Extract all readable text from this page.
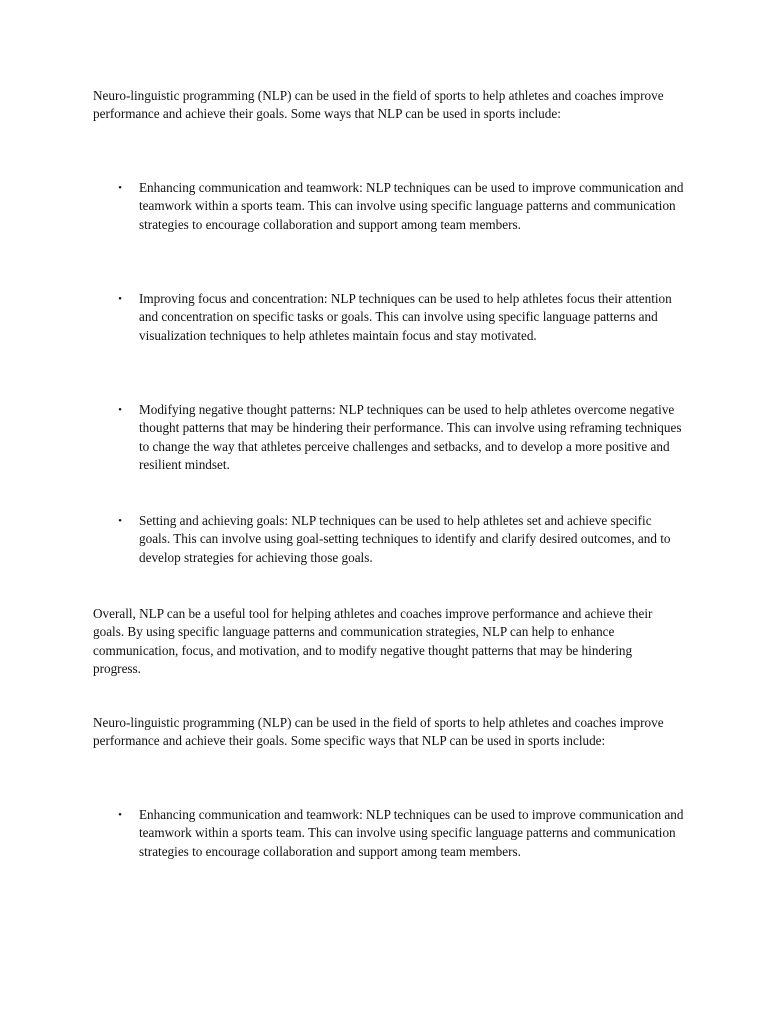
Neuro-linguistic programming (NLP) can be used in the field of sports to help athletes and coaches improve performance and achieve their goals. Some ways that NLP can be used in sports include:

• Enhancing communication and teamwork: NLP techniques can be used to improve communication and teamwork within a sports team. This can involve using specific language patterns and communication strategies to encourage collaboration and support among team members.
• Improving focus and concentration: NLP techniques can be used to help athletes focus their attention and concentration on specific tasks or goals. This can involve using specific language patterns and visualization techniques to help athletes maintain focus and stay motivated.
• Modifying negative thought patterns: NLP techniques can be used to help athletes overcome negative thought patterns that may be hindering their performance. This can involve using reframing techniques to change the way that athletes perceive challenges and setbacks, and to develop a more positive and resilient mindset.
• Setting and achieving goals: NLP techniques can be used to help athletes set and achieve specific goals. This can involve using goal-setting techniques to identify and clarify desired outcomes, and to develop strategies for achieving those goals.

Overall, NLP can be a useful tool for helping athletes and coaches improve performance and achieve their goals. By using specific language patterns and communication strategies, NLP can help to enhance communication, focus, and motivation, and to modify negative thought patterns that may be hindering progress.

Neuro-linguistic programming (NLP) can be used in the field of sports to help athletes and coaches improve performance and achieve their goals. Some specific ways that NLP can be used in sports include:

• Enhancing communication and teamwork: NLP techniques can be used to improve communication and teamwork within a sports team. This can involve using specific language patterns and communication strategies to encourage collaboration and support among team members.
